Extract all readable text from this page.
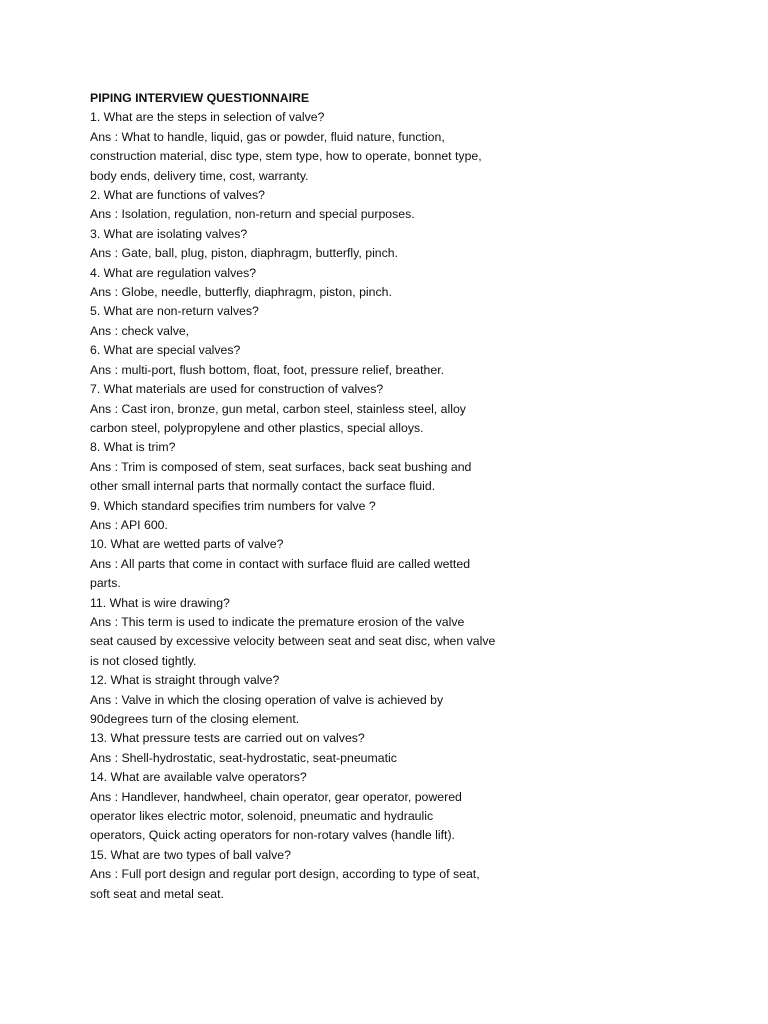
PIPING INTERVIEW QUESTIONNAIRE

1. What are the steps in selection of valve?

Ans : What to handle, liquid, gas or powder, fluid nature, function,

construction material, disc type, stem type, how to operate, bonnet type,

body ends, delivery time, cost, warranty.

2. What are functions of valves?

Ans : Isolation, regulation, non-return and special purposes.

3. What are isolating valves?

Ans : Gate, ball, plug, piston, diaphragm, butterfly, pinch.

4. What are regulation valves?

Ans : Globe, needle, butterfly, diaphragm, piston, pinch.

5. What are non-return valves?

Ans : check valve,

6. What are special valves?

Ans : multi-port, flush bottom, float, foot, pressure relief, breather.

7. What materials are used for construction of valves?

Ans : Cast iron, bronze, gun metal, carbon steel, stainless steel, alloy

carbon steel, polypropylene and other plastics, special alloys.

8. What is trim?

Ans : Trim is composed of stem, seat surfaces, back seat bushing and

other small internal parts that normally contact the surface fluid.

9. Which standard specifies trim numbers for valve ?

Ans : API 600.

10. What are wetted parts of valve?

Ans : All parts that come in contact with surface fluid are called wetted

parts.

11. What is wire drawing?

Ans : This term is used to indicate the premature erosion of the valve

seat caused by excessive velocity between seat and seat disc, when valve

is not closed tightly.

12. What is straight through valve?

Ans : Valve in which the closing operation of valve is achieved by

90degrees turn of the closing element.

13. What pressure tests are carried out on valves?

Ans : Shell-hydrostatic, seat-hydrostatic, seat-pneumatic

14. What are available valve operators?

Ans : Handlever, handwheel, chain operator, gear operator, powered

operator likes electric motor, solenoid, pneumatic and hydraulic

operators, Quick acting operators for non-rotary valves (handle lift).

15. What are two types of ball valve?

Ans : Full port design and regular port design, according to type of seat,

soft seat and metal seat.
